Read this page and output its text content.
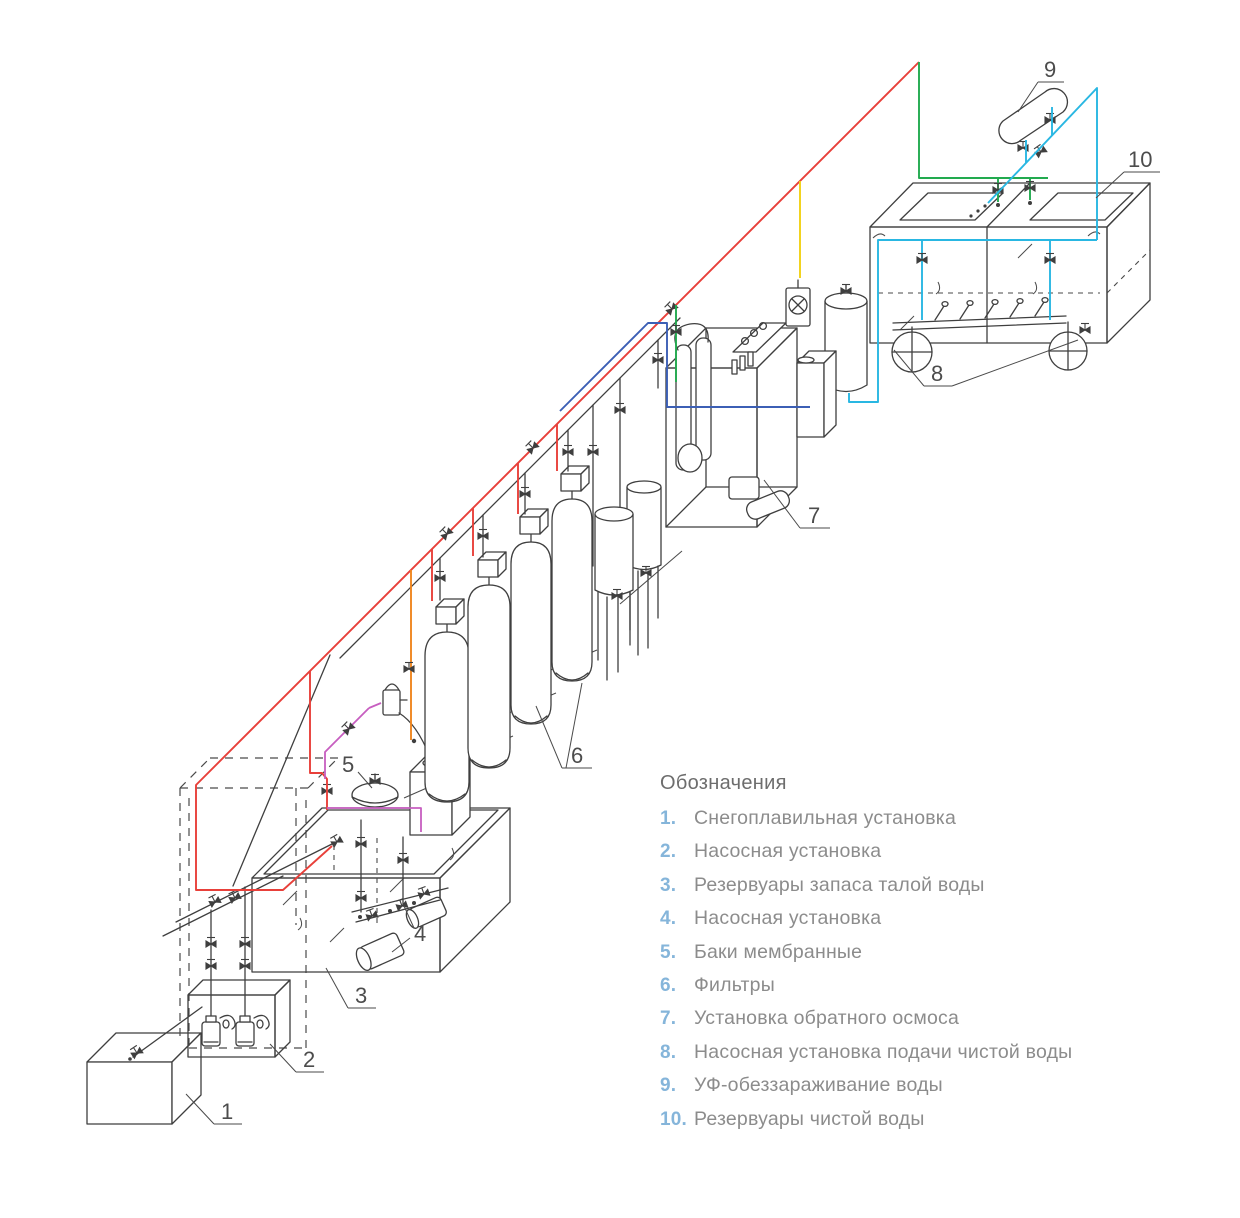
1
2
3
4
5	6
7
8
9
10
Обозначения
1. Снегоплавильная установка
2. Насосная установка
3. Резервуары запаса талой воды
4. Насосная установка
5. Баки мембранные
6. Фильтры
7. Установка обратного осмоса
8. Насосная установка подачи чистой воды
9. УФ-обеззараживание воды
10. Резервуары чистой воды
